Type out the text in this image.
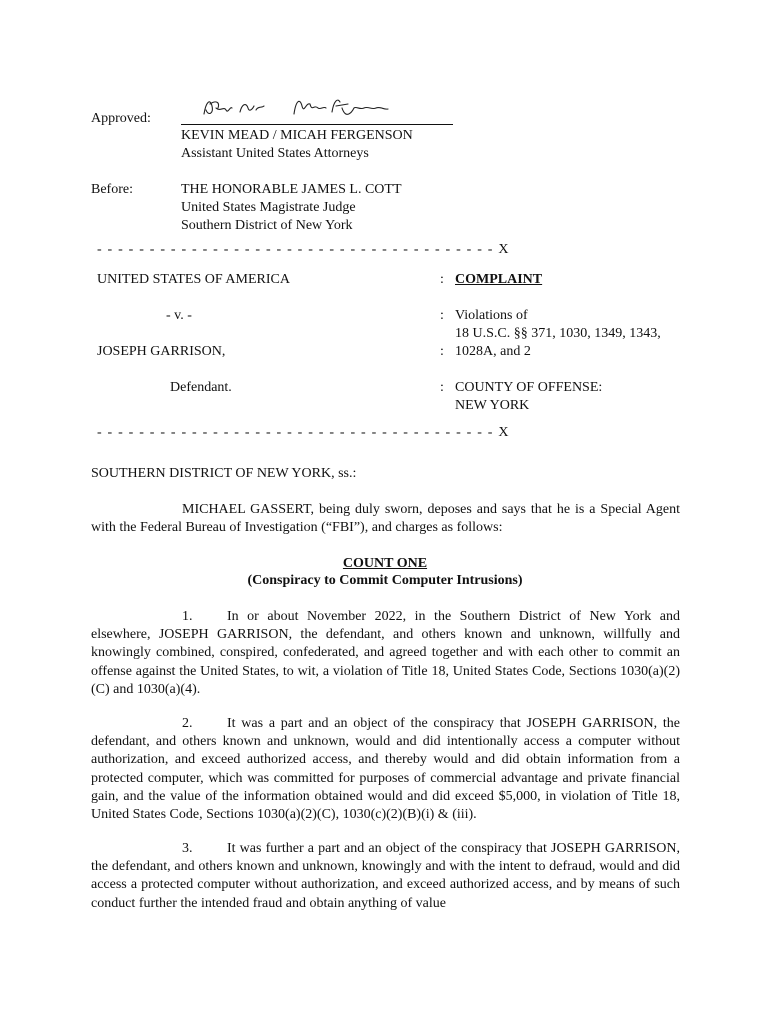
Approved:
KEVIN MEAD / MICAH FERGENSON
Assistant United States Attorneys
Before:	THE HONORABLE JAMES L. COTT
United States Magistrate Judge
Southern District of New York
- - - - - - - - - - - - - - - - - - - - - - - - - - - - - - - - - - - - - - X
UNITED STATES OF AMERICA	: COMPLAINT
- v. -	: Violations of
18 U.S.C. §§ 371, 1030, 1349, 1343,
JOSEPH GARRISON,	: 1028A, and 2
Defendant.	: COUNTY OF OFFENSE:
NEW YORK
- - - - - - - - - - - - - - - - - - - - - - - - - - - - - - - - - - - - - - X
SOUTHERN DISTRICT OF NEW YORK, ss.:
MICHAEL GASSERT, being duly sworn, deposes and says that he is a Special Agent with the Federal Bureau of Investigation (“FBI”), and charges as follows:
COUNT ONE
(Conspiracy to Commit Computer Intrusions)
1. In or about November 2022, in the Southern District of New York and elsewhere, JOSEPH GARRISON, the defendant, and others known and unknown, willfully and knowingly combined, conspired, confederated, and agreed together and with each other to commit an offense against the United States, to wit, a violation of Title 18, United States Code, Sections 1030(a)(2)(C) and 1030(a)(4).
2. It was a part and an object of the conspiracy that JOSEPH GARRISON, the defendant, and others known and unknown, would and did intentionally access a computer without authorization, and exceed authorized access, and thereby would and did obtain information from a protected computer, which was committed for purposes of commercial advantage and private financial gain, and the value of the information obtained would and did exceed $5,000, in violation of Title 18, United States Code, Sections 1030(a)(2)(C), 1030(c)(2)(B)(i) & (iii).
3. It was further a part and an object of the conspiracy that JOSEPH GARRISON, the defendant, and others known and unknown, knowingly and with the intent to defraud, would and did access a protected computer without authorization, and exceed authorized access, and by means of such conduct further the intended fraud and obtain anything of value
